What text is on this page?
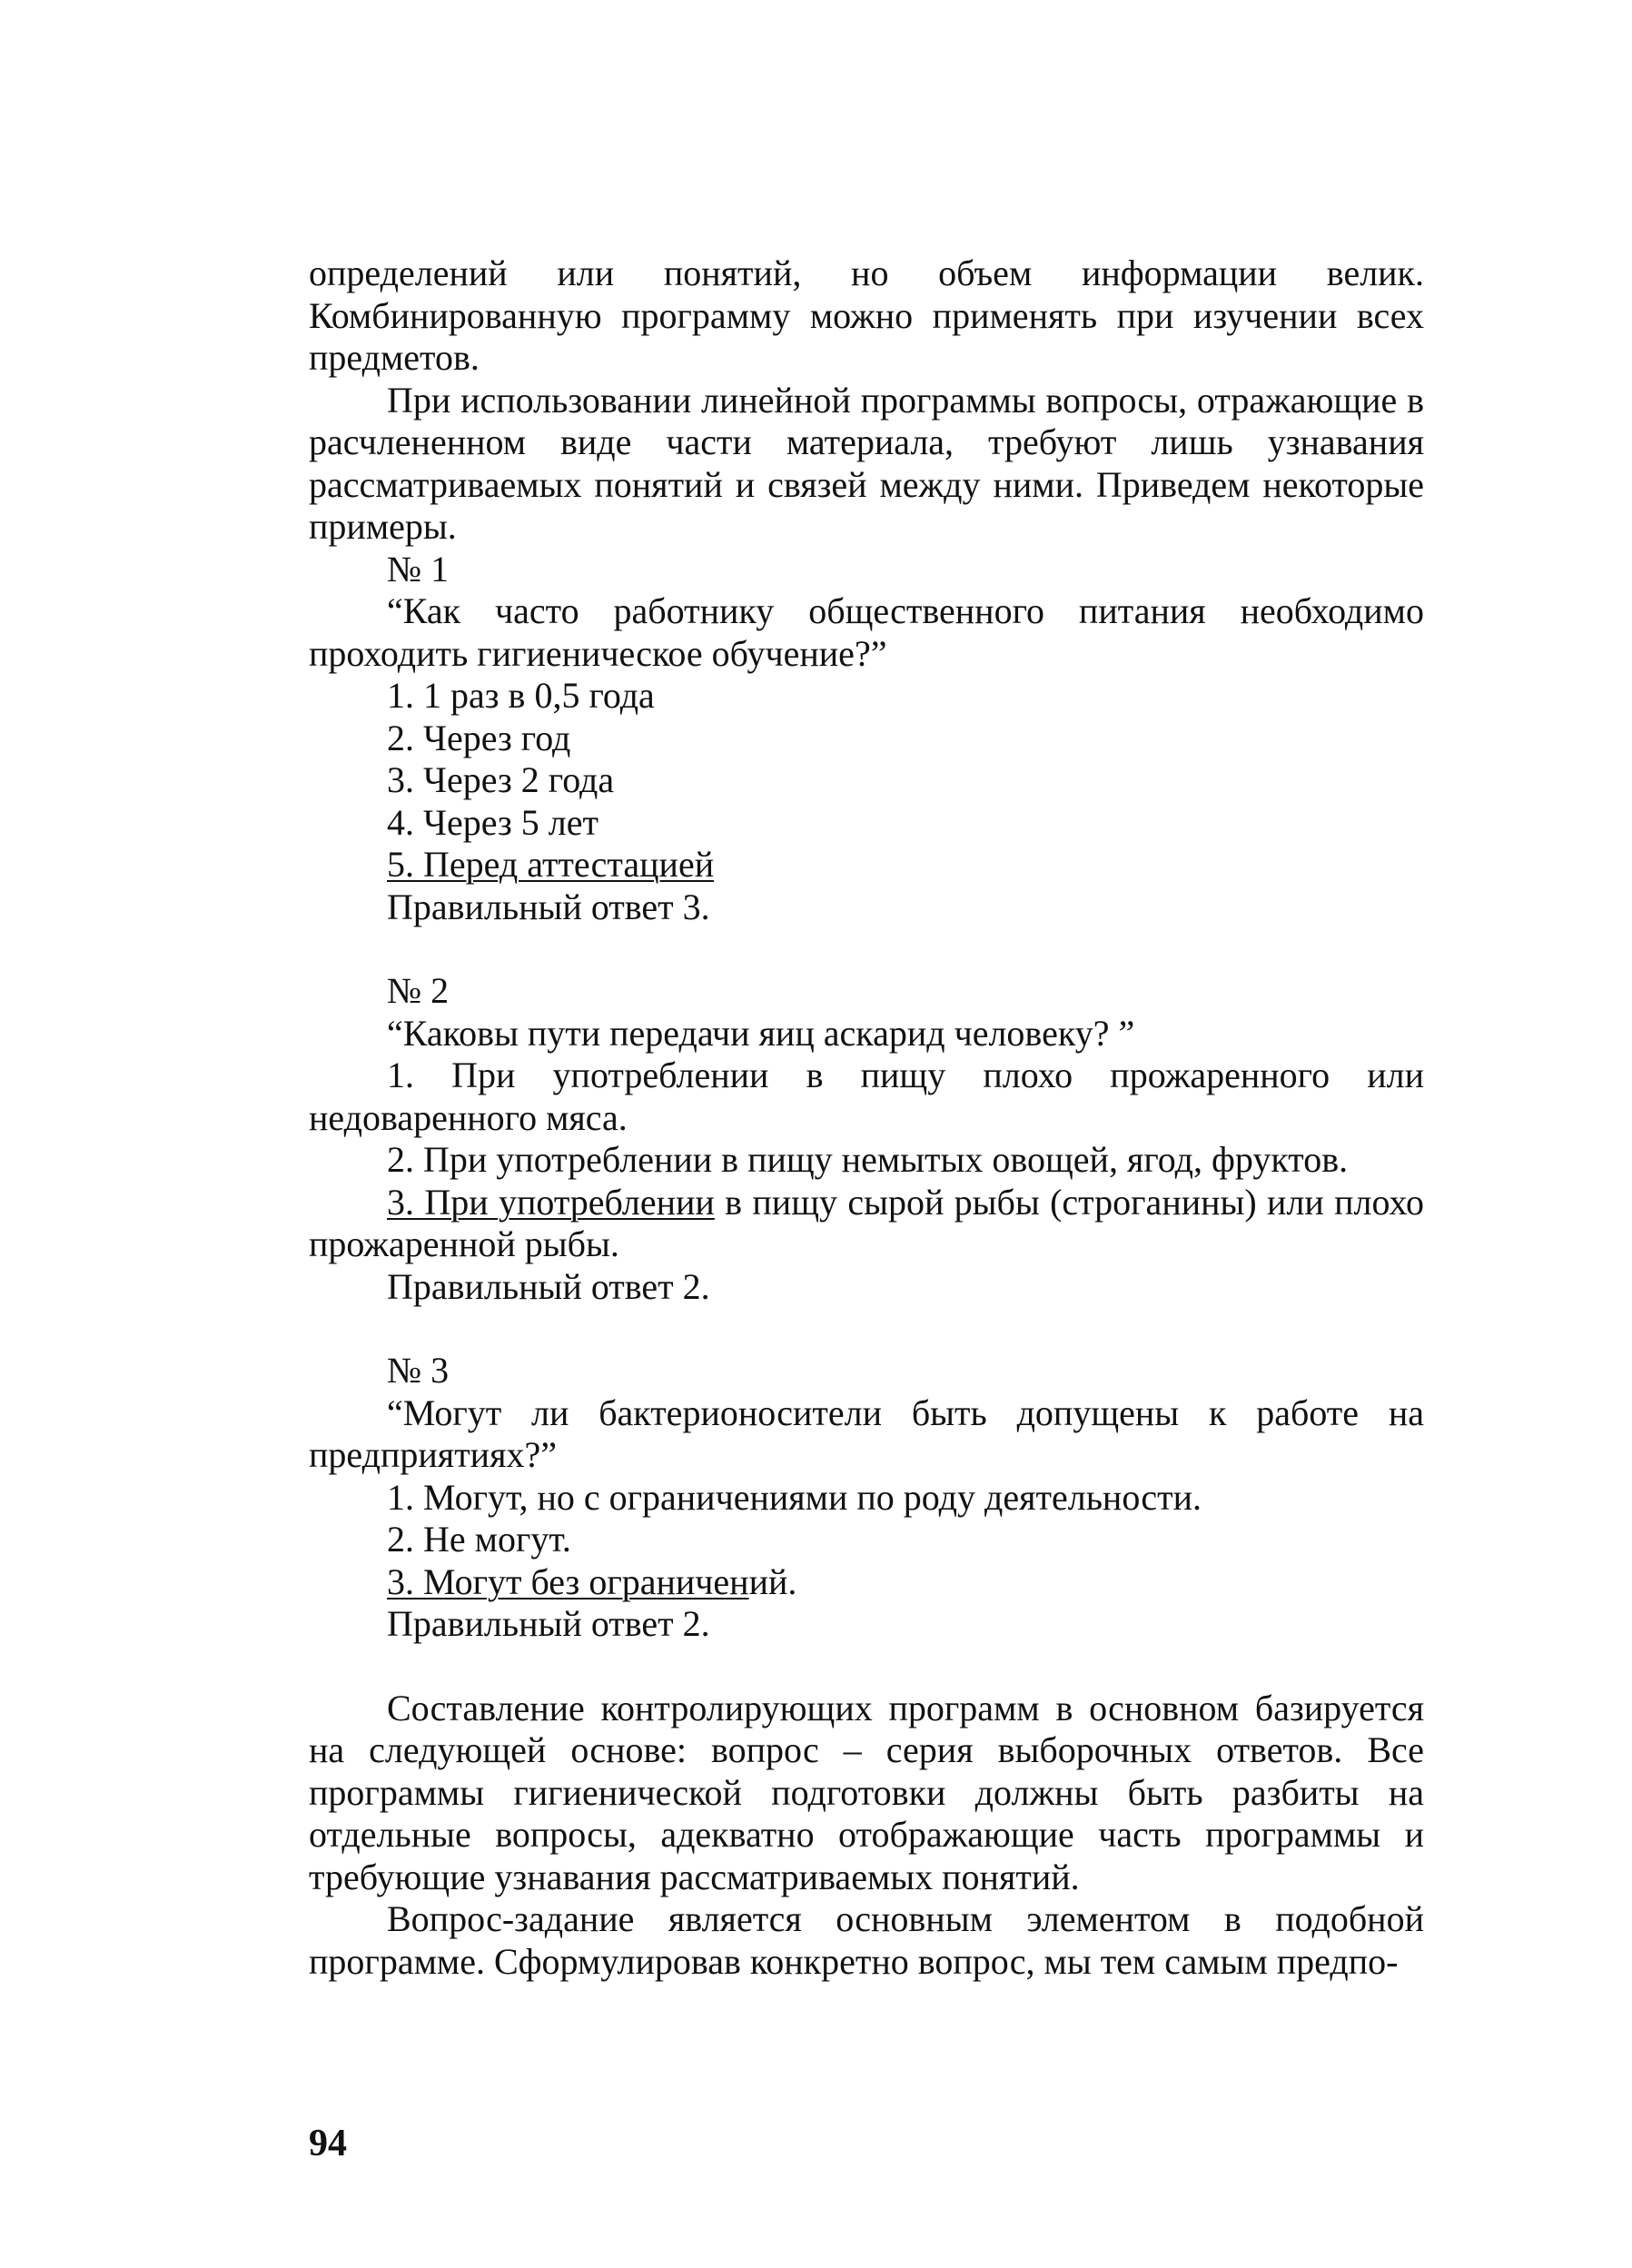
определений или понятий, но объем информации велик. Комбинированную программу можно применять при изучении всех предметов.

При использовании линейной программы вопросы, отражающие в расчлененном виде части материала, требуют лишь узнавания рассматриваемых понятий и связей между ними. Приведем некоторые примеры.

№ 1

“Как часто работнику общественного питания необходимо проходить гигиеническое обучение?”

1. 1 раз в 0,5 года

2. Через год

3. Через 2 года

4. Через 5 лет

5. Перед аттестацией

Правильный ответ 3.

№ 2

“Каковы пути передачи яиц аскарид человеку? ”

1. При употреблении в пищу плохо прожаренного или недоваренного мяса.

2. При употреблении в пищу немытых овощей, ягод, фруктов.

3. При употреблении в пищу сырой рыбы (строганины) или плохо прожаренной рыбы.

Правильный ответ 2.

№ 3

“Могут ли бактерионосители быть допущены к работе на предприятиях?”

1. Могут, но с ограничениями по роду деятельности.

2. Не могут.

3. Могут без ограничений.

Правильный ответ 2.

Составление контролирующих программ в основном базируется на следующей основе: вопрос – серия выборочных ответов. Все программы гигиенической подготовки должны быть разбиты на отдельные вопросы, адекватно отображающие часть программы и требующие узнавания рассматриваемых понятий.

Вопрос-задание является основным элементом в подобной программе. Сформулировав конкретно вопрос, мы тем самым предпо-

94
